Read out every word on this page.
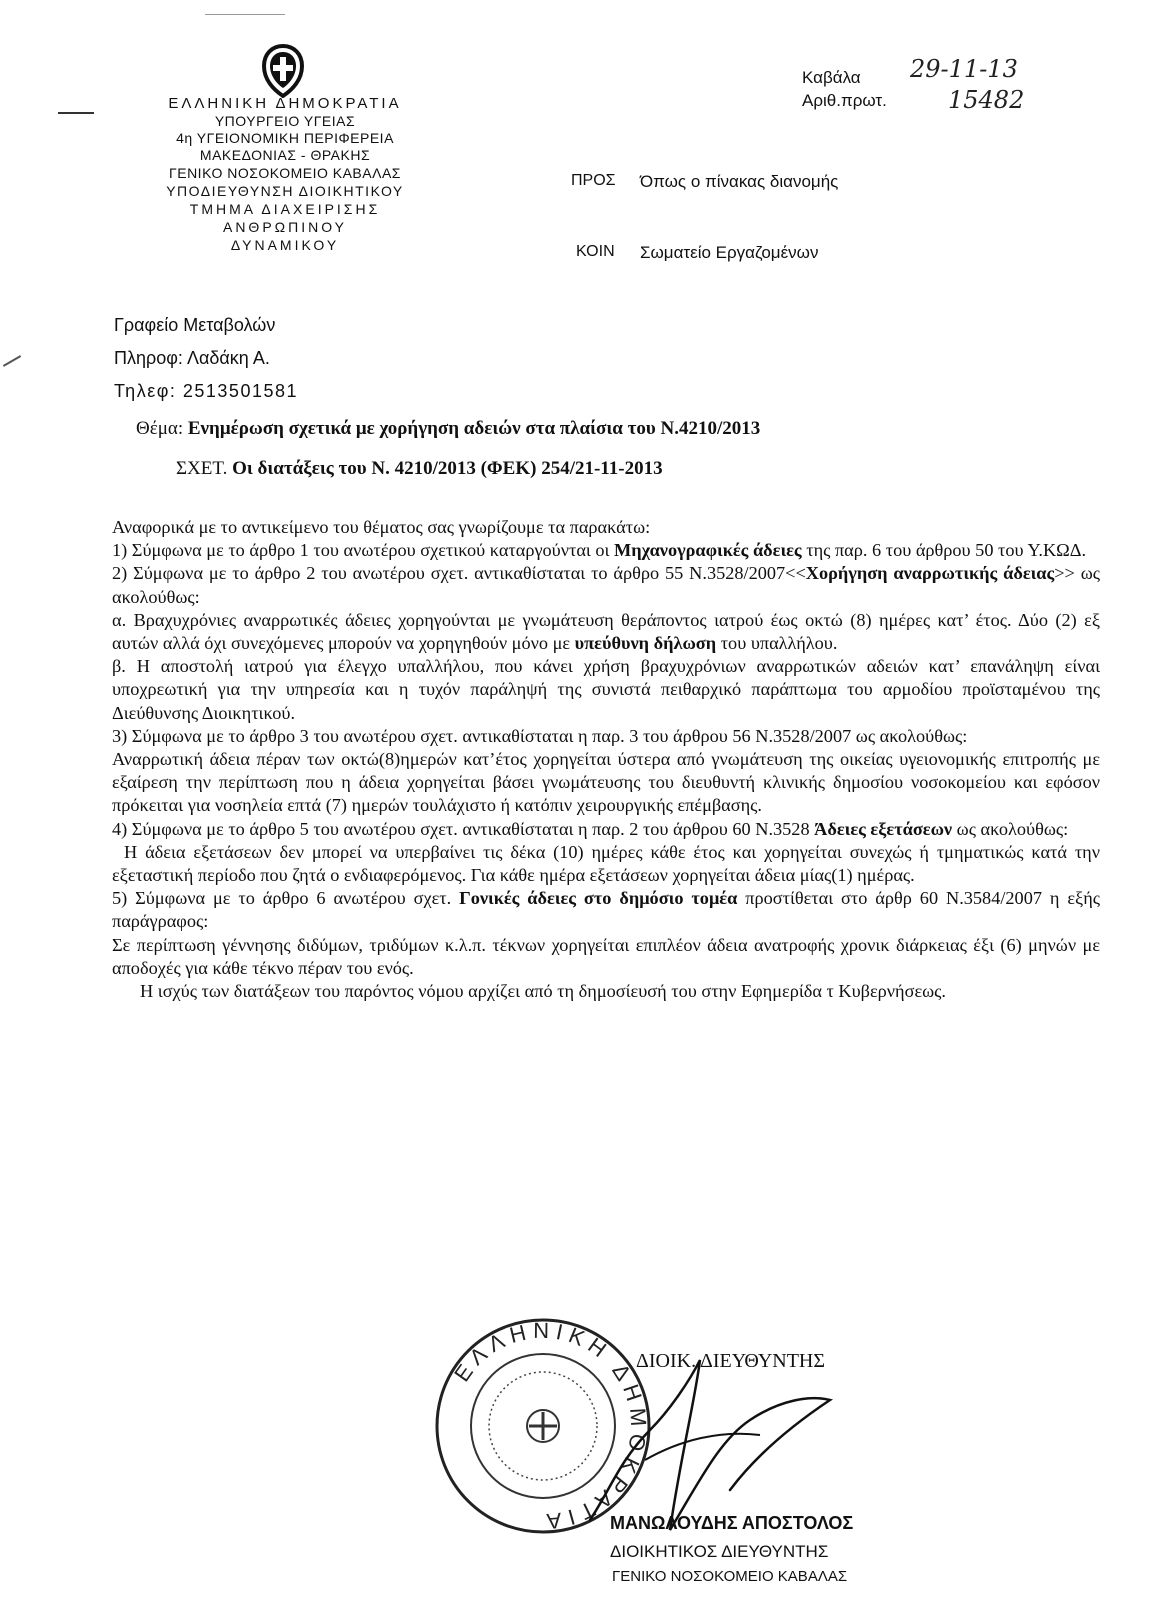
ΕΛΛΗΝΙΚΗ ΔΗΜΟΚΡΑΤΙΑ
ΥΠΟΥΡΓΕΙΟ ΥΓΕΙΑΣ
4η ΥΓΕΙΟΝΟΜΙΚΗ ΠΕΡΙΦΕΡΕΙΑ
ΜΑΚΕΔΟΝΙΑΣ - ΘΡΑΚΗΣ
ΓΕΝΙΚΟ ΝΟΣΟΚΟΜΕΙΟ ΚΑΒΑΛΑΣ
ΥΠΟΔΙΕΥΘΥΝΣΗ ΔΙΟΙΚΗΤΙΚΟΥ
ΤΜΗΜΑ ΔΙΑΧΕΙΡΙΣΗΣ
ΑΝΘΡΩΠΙΝΟΥ
ΔΥΝΑΜΙΚΟΥ
Καβάλα 29-11-13
Αριθ.πρωτ.	15482
ΠΡΟΣ Όπως ο πίνακας διανομής
ΚΟΙΝ Σωματείο Εργαζομένων
Γραφείο Μεταβολών
Πληροφ: Λαδάκη Α.
Τηλεφ: 2513501581
Θέμα: Ενημέρωση σχετικά με χορήγηση αδειών στα πλαίσια του Ν.4210/2013
ΣΧΕΤ. Οι διατάξεις του Ν. 4210/2013 (ΦΕΚ) 254/21-11-2013

Αναφορικά με το αντικείμενο του θέματος σας γνωρίζουμε τα παρακάτω:

1) Σύμφωνα με το άρθρο 1 του ανωτέρου σχετικού καταργούνται οι Μηχανογραφικές άδειες της παρ. 6 του άρθρου 50 του Υ.ΚΩΔ.

2) Σύμφωνα με το άρθρο 2 του ανωτέρου σχετ. αντικαθίσταται το άρθρο 55 Ν.3528/2007<<Χορήγηση αναρρωτικής άδειας>> ως ακολούθως:

α. Βραχυχρόνιες αναρρωτικές άδειες χορηγούνται με γνωμάτευση θεράποντος ιατρού έως οκτώ (8) ημέρες κατ’ έτος. Δύο (2) εξ αυτών αλλά όχι συνεχόμενες μπορούν να χορηγηθούν μόνο με υπεύθυνη δήλωση του υπαλλήλου.

β. Η αποστολή ιατρού για έλεγχο υπαλλήλου, που κάνει χρήση βραχυχρόνιων αναρρωτικών αδειών κατ’ επανάληψη είναι υποχρεωτική για την υπηρεσία και η τυχόν παράληψή της συνιστά πειθαρχικό παράπτωμα του αρμοδίου προϊσταμένου της Διεύθυνσης Διοικητικού.

3) Σύμφωνα με το άρθρο 3 του ανωτέρου σχετ. αντικαθίσταται η παρ. 3 του άρθρου 56 Ν.3528/2007 ως ακολούθως:

Αναρρωτική άδεια πέραν των οκτώ(8)ημερών κατ’έτος χορηγείται ύστερα από γνωμάτευση της οικείας υγειονομικής επιτροπής με εξαίρεση την περίπτωση που η άδεια χορηγείται βάσει γνωμάτευσης του διευθυντή κλινικής δημοσίου νοσοκομείου και εφόσον πρόκειται για νοσηλεία επτά (7) ημερών τουλάχιστο ή κατόπιν χειρουργικής επέμβασης.

4) Σύμφωνα με το άρθρο 5 του ανωτέρου σχετ. αντικαθίσταται η παρ. 2 του άρθρου 60 Ν.3528 Άδειες εξετάσεων ως ακολούθως:

Η άδεια εξετάσεων δεν μπορεί να υπερβαίνει τις δέκα (10) ημέρες κάθε έτος και χορηγείται συνεχώς ή τμηματικώς κατά την εξεταστική περίοδο που ζητά ο ενδιαφερόμενος. Για κάθε ημέρα εξετάσεων χορηγείται άδεια μίας(1) ημέρας.

5) Σύμφωνα με το άρθρο 6 ανωτέρου σχετ. Γονικές άδειες στο δημόσιο τομέα προστίθεται στο άρθρ 60 Ν.3584/2007 η εξής παράγραφος:

Σε περίπτωση γέννησης διδύμων, τριδύμων κ.λ.π. τέκνων χορηγείται επιπλέον άδεια ανατροφής χρονικ διάρκειας έξι (6) μηνών με αποδοχές για κάθε τέκνο πέραν του ενός.

Η ισχύς των διατάξεων του παρόντος νόμου αρχίζει από τη δημοσίευσή του στην Εφημερίδα τ Κυβερνήσεως.

ΕΛΛΗΝΙΚΗ ΔΗΜΟΚΡΑΤΙΑ
ΔΙΟΙΚ. ΔΙΕΥΘΥΝΤΗΣ
ΜΑΝΩΛΟΥΔΗΣ ΑΠΟΣΤΟΛΟΣ
ΔΙΟΙΚΗΤΙΚΟΣ ΔΙΕΥΘΥΝΤΗΣ
ΓΕΝΙΚΟ ΝΟΣΟΚΟΜΕΙΟ ΚΑΒΑΛΑΣ
